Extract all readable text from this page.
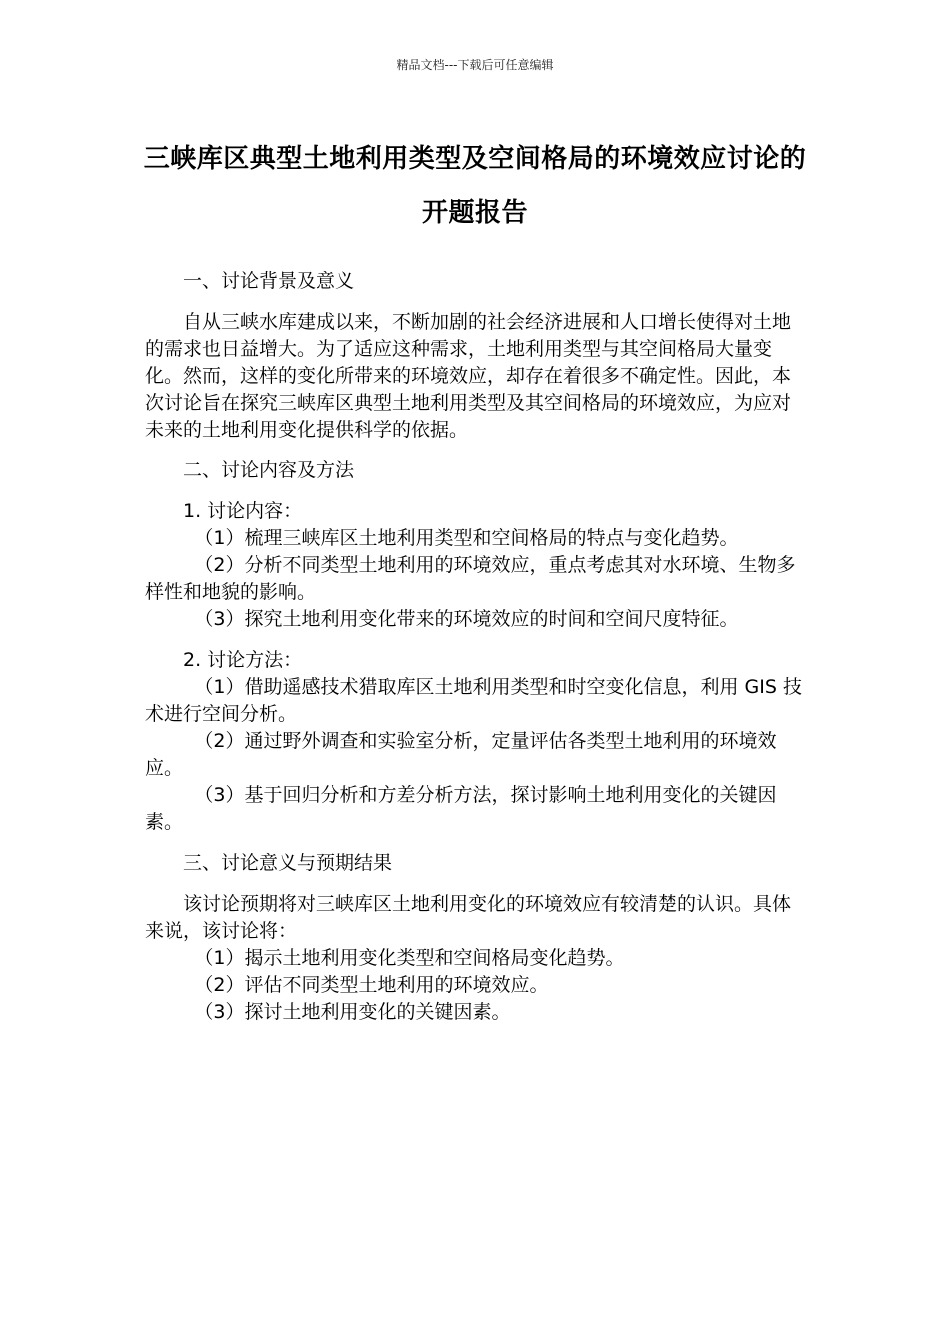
精品文档---下载后可任意编辑
三峡库区典型土地利用类型及空间格局的环境效应讨论的开题报告

一、讨论背景及意义

自从三峡水库建成以来，不断加剧的社会经济进展和人口增长使得对土地的需求也日益增大。为了适应这种需求，土地利用类型与其空间格局大量变化。然而，这样的变化所带来的环境效应，却存在着很多不确定性。因此，本次讨论旨在探究三峡库区典型土地利用类型及其空间格局的环境效应，为应对未来的土地利用变化提供科学的依据。

二、讨论内容及方法

1. 讨论内容：

（1）梳理三峡库区土地利用类型和空间格局的特点与变化趋势。

（2）分析不同类型土地利用的环境效应，重点考虑其对水环境、生物多样性和地貌的影响。

（3）探究土地利用变化带来的环境效应的时间和空间尺度特征。

2. 讨论方法：

（1）借助遥感技术猎取库区土地利用类型和时空变化信息，利用 GIS 技术进行空间分析。

（2）通过野外调查和实验室分析，定量评估各类型土地利用的环境效应。

（3）基于回归分析和方差分析方法，探讨影响土地利用变化的关键因素。

三、讨论意义与预期结果

该讨论预期将对三峡库区土地利用变化的环境效应有较清楚的认识。具体来说，该讨论将：

（1）揭示土地利用变化类型和空间格局变化趋势。

（2）评估不同类型土地利用的环境效应。

（3）探讨土地利用变化的关键因素。
